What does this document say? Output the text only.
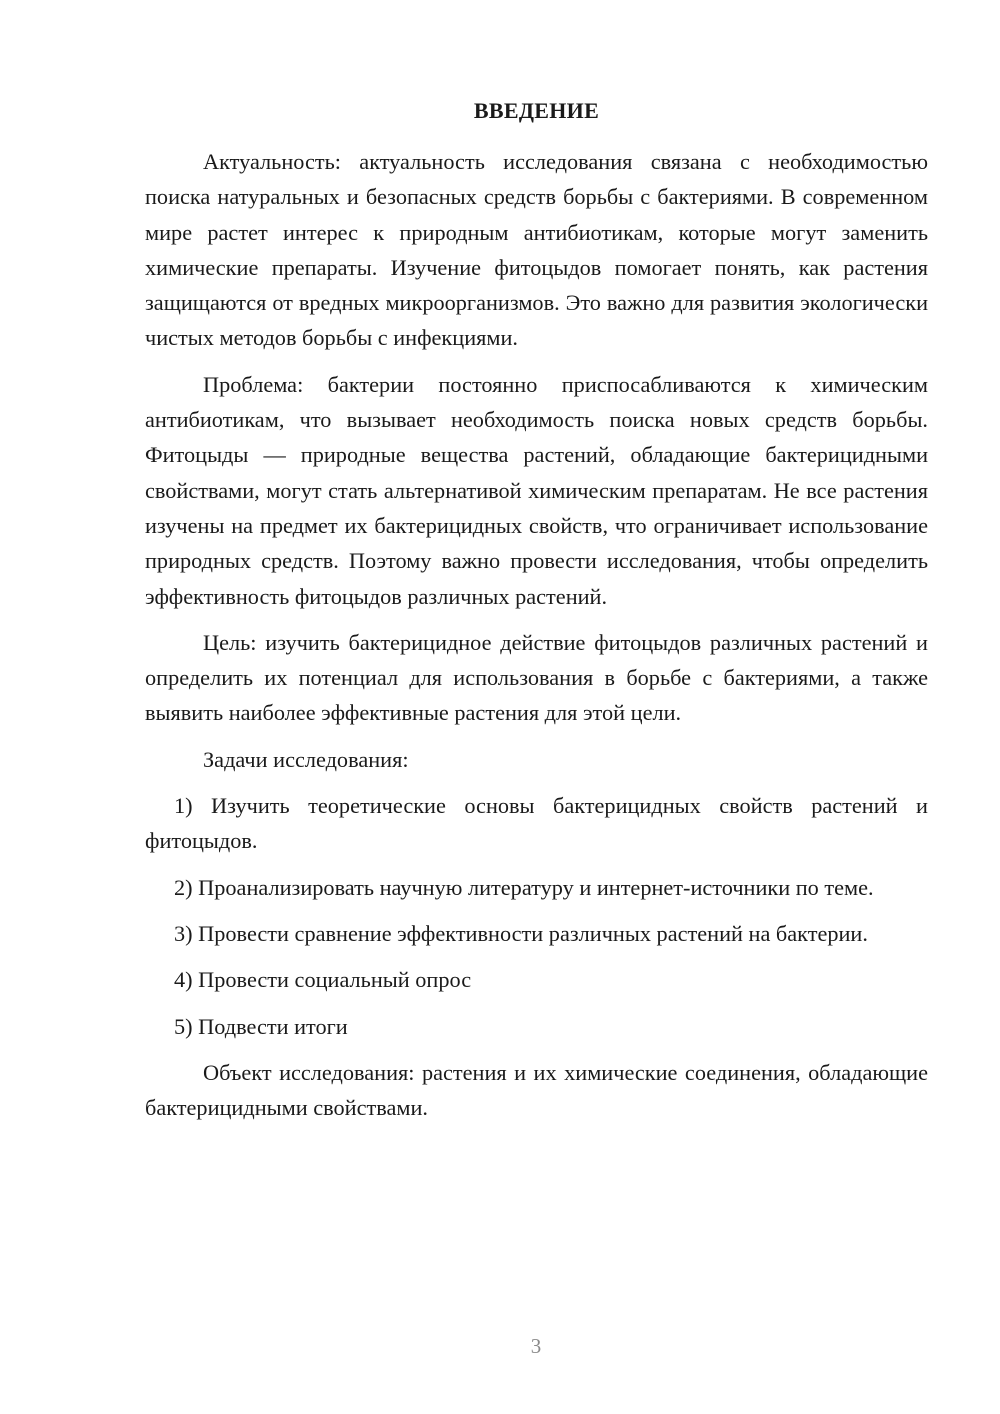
ВВЕДЕНИЕ

Актуальность: актуальность исследования связана с необходимостью поиска натуральных и безопасных средств борьбы с бактериями. В современном мире растет интерес к природным антибиотикам, которые могут заменить химические препараты. Изучение фитоцыдов помогает понять, как растения защищаются от вредных микроорганизмов. Это важно для развития экологически чистых методов борьбы с инфекциями.

Проблема: бактерии постоянно приспосабливаются к химическим антибиотикам, что вызывает необходимость поиска новых средств борьбы. Фитоцыды — природные вещества растений, обладающие бактерицидными свойствами, могут стать альтернативой химическим препаратам. Не все растения изучены на предмет их бактерицидных свойств, что ограничивает использование природных средств. Поэтому важно провести исследования, чтобы определить эффективность фитоцыдов различных растений.

Цель: изучить бактерицидное действие фитоцыдов различных растений и определить их потенциал для использования в борьбе с бактериями, а также выявить наиболее эффективные растения для этой цели.

Задачи исследования:

1) Изучить теоретические основы бактерицидных свойств растений и фитоцыдов.

2) Проанализировать научную литературу и интернет-источники по теме.

3) Провести сравнение эффективности различных растений на бактерии.

4) Провести социальный опрос

5) Подвести итоги

Объект исследования: растения и их химические соединения, обладающие бактерицидными свойствами.

3
